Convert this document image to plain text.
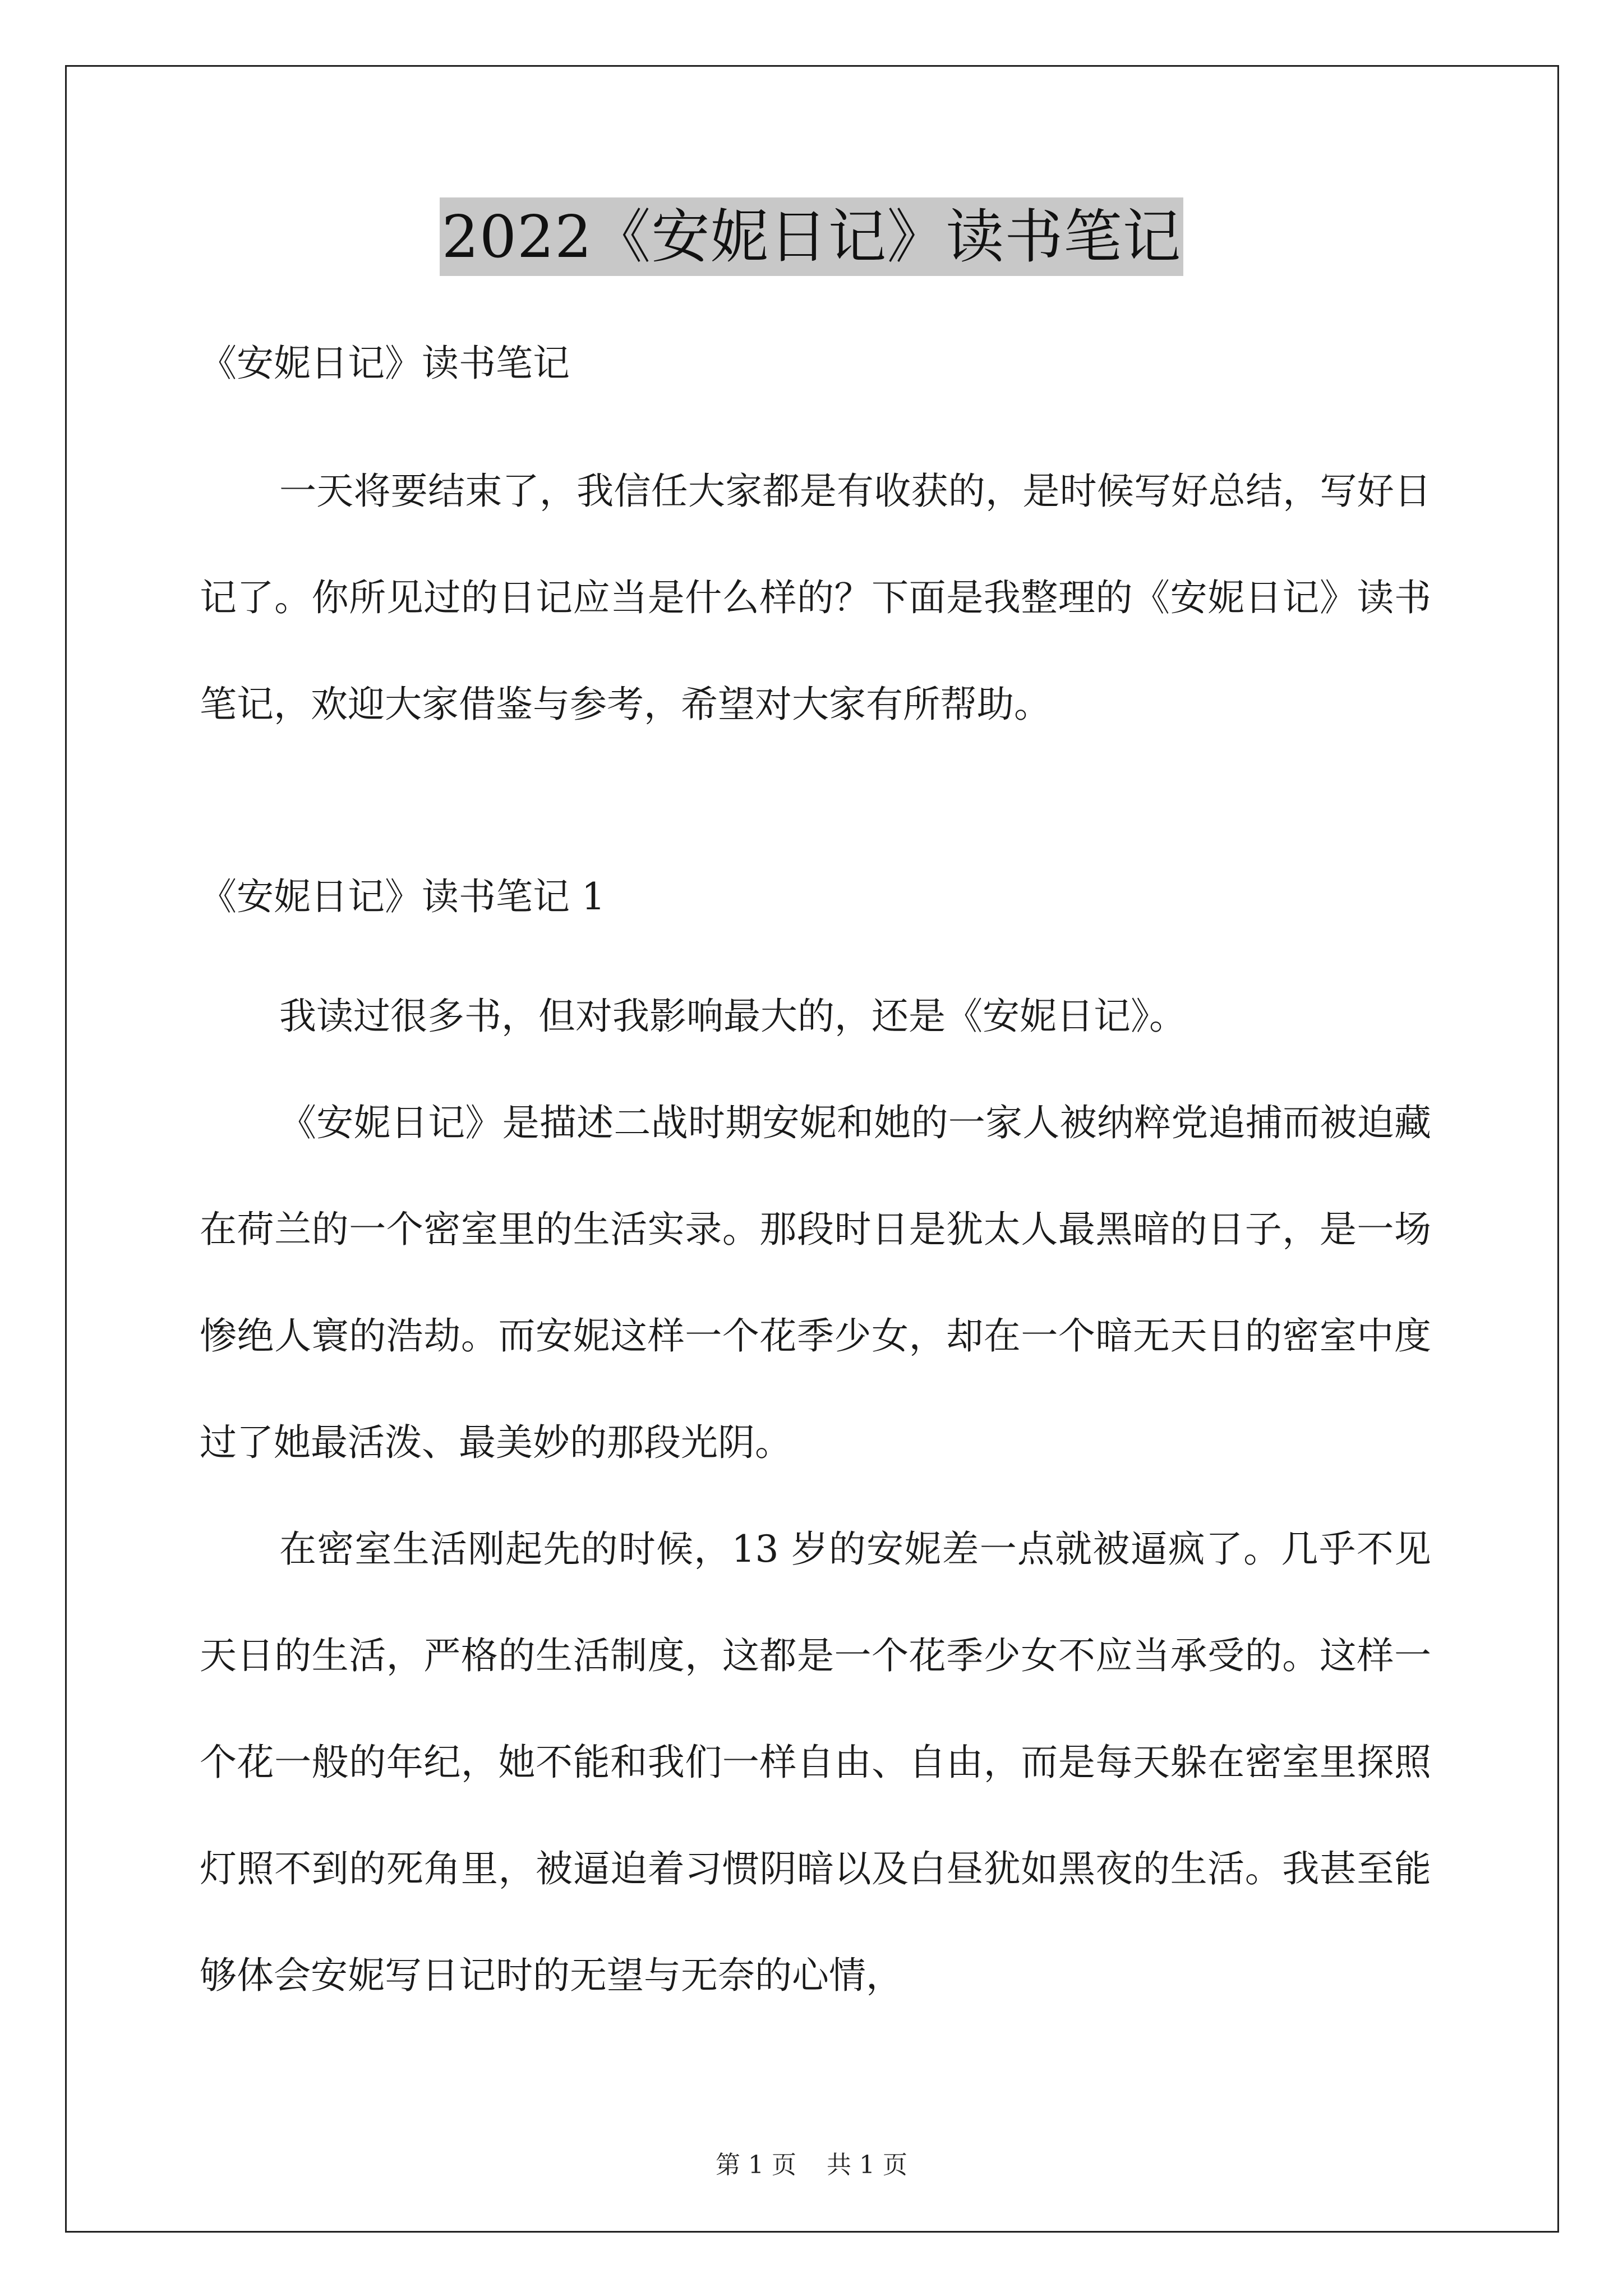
2022《安妮日记》读书笔记

《安妮日记》读书笔记

一天将要结束了，我信任大家都是有收获的，是时候写好总结，写好日记了。你所见过的日记应当是什么样的？下面是我整理的《安妮日记》读书笔记，欢迎大家借鉴与参考，希望对大家有所帮助。

《安妮日记》读书笔记 1

我读过很多书，但对我影响最大的，还是《安妮日记》。

《安妮日记》是描述二战时期安妮和她的一家人被纳粹党追捕而被迫藏在荷兰的一个密室里的生活实录。那段时日是犹太人最黑暗的日子，是一场惨绝人寰的浩劫。而安妮这样一个花季少女，却在一个暗无天日的密室中度过了她最活泼、最美妙的那段光阴。

在密室生活刚起先的时候，13 岁的安妮差一点就被逼疯了。几乎不见天日的生活，严格的生活制度，这都是一个花季少女不应当承受的。这样一个花一般的年纪，她不能和我们一样自由、自由，而是每天躲在密室里探照灯照不到的死角里，被逼迫着习惯阴暗以及白昼犹如黑夜的生活。我甚至能够体会安妮写日记时的无望与无奈的心情，

第 1 页 共 1 页
